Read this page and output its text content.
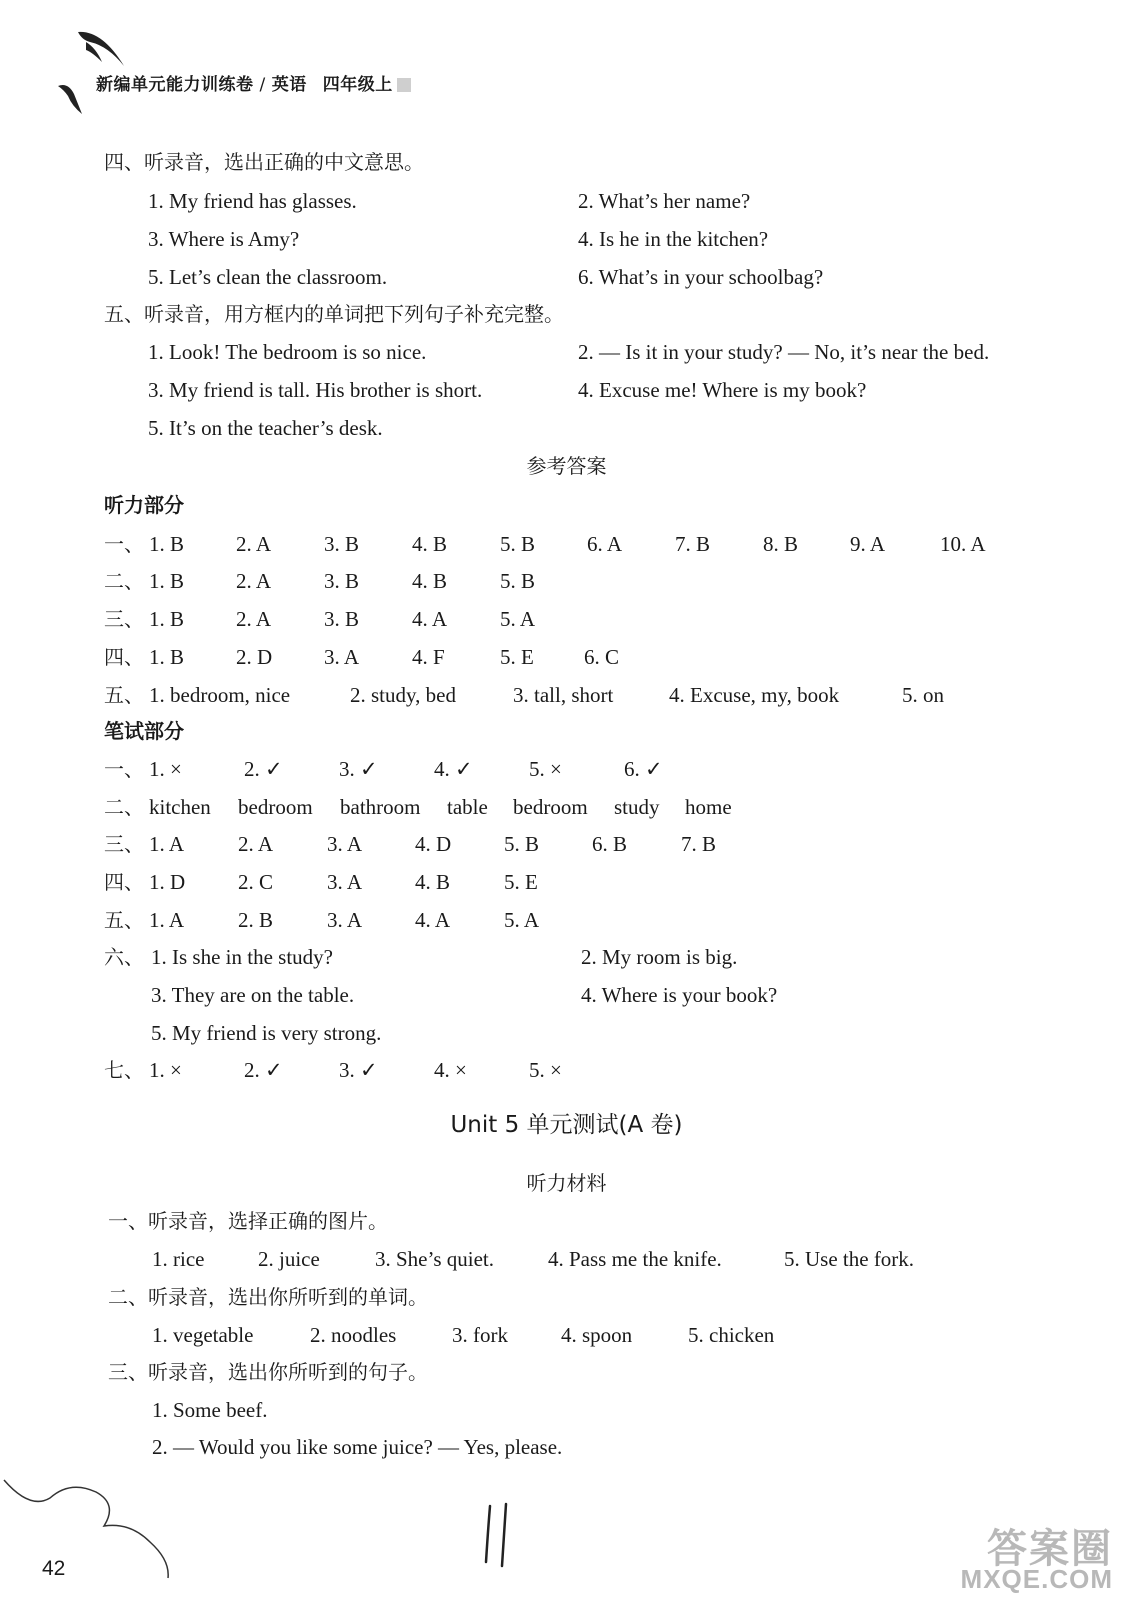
新编单元能力训练卷 / 英语 四年级上
四、听录音，选出正确的中文意思。
1. My friend has glasses.	2. What’s her name?
3. Where is Amy?	4. Is he in the kitchen?
5. Let’s clean the classroom.	6. What’s in your schoolbag?
五、听录音，用方框内的单词把下列句子补充完整。
1. Look! The bedroom is so nice.	2. — Is it in your study? — No, it’s near the bed.
3. My friend is tall. His brother is short.	4. Excuse me! Where is my book?
5. It’s on the teacher’s desk.
参考答案
听力部分
一、 1. B 2. A	3. B	4. B	5. B 6. A	7. B	8. B 9. A	10. A
二、 1. B 2. A	3. B	4. B	5. B
三、 1. B 2. A	3. B	4. A	5. A
四、 1. B 2. D 3. A	4. F	5. E 6. C
五、 1. bedroom, nice	2. study, bed	3. tall, short	4. Excuse, my, book	5. on
笔试部分
一、 1. ×	2. ✓	3. ✓	4. ✓	5. ×	6. ✓
二、 kitchen bedroom bathroom table bedroom study home
三、 1. A	2. A	3. A	4. D	5. B	6. B	7. B
四、 1. D	2. C	3. A	4. B	5. E
五、 1. A	2. B	3. A	4. A	5. A
六、 1. Is she in the study?	2. My room is big.
3. They are on the table.	4. Where is your book?
5. My friend is very strong.
七、 1. ×	2. ✓	3. ✓	4. ×	5. ×
Unit 5 单元测试(A 卷)
听力材料
一、听录音，选择正确的图片。
1. rice	2. juice	3. She’s quiet.	4. Pass me the knife.	5. Use the fork.
二、听录音，选出你所听到的单词。
1. vegetable	2. noodles	3. fork	4. spoon	5. chicken
三、听录音，选出你所听到的句子。
1. Some beef.
2. — Would you like some juice? — Yes, please.
42	答案圈
MXQE.COM
